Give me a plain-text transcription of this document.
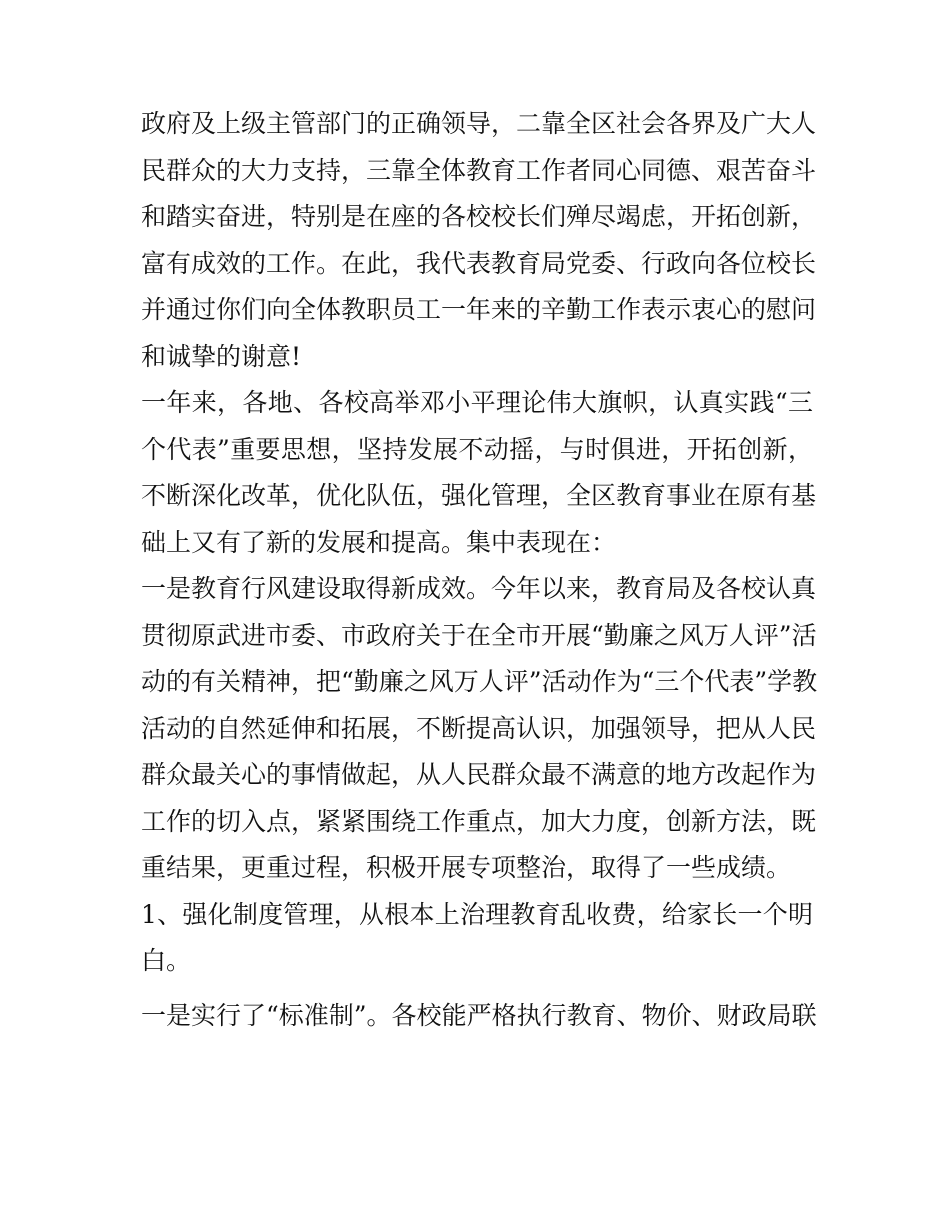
政府及上级主管部门的正确领导，二靠全区社会各界及广大人
民群众的大力支持，三靠全体教育工作者同心同德、艰苦奋斗
和踏实奋进，特别是在座的各校校长们殚尽竭虑，开拓创新，
富有成效的工作。在此，我代表教育局党委、行政向各位校长
并通过你们向全体教职员工一年来的辛勤工作表示衷心的慰问
和诚挚的谢意!
一年来，各地、各校高举邓小平理论伟大旗帜，认真实践“三
个代表”重要思想，坚持发展不动摇，与时俱进，开拓创新，
不断深化改革，优化队伍，强化管理，全区教育事业在原有基
础上又有了新的发展和提高。集中表现在：
一是教育行风建设取得新成效。今年以来，教育局及各校认真
贯彻原武进市委、市政府关于在全市开展“勤廉之风万人评”活
动的有关精神，把“勤廉之风万人评”活动作为“三个代表”学教
活动的自然延伸和拓展，不断提高认识，加强领导，把从人民
群众最关心的事情做起，从人民群众最不满意的地方改起作为
工作的切入点，紧紧围绕工作重点，加大力度，创新方法，既
重结果，更重过程，积极开展专项整治，取得了一些成绩。
1、强化制度管理，从根本上治理教育乱收费，给家长一个明
白。
一是实行了“标准制”。各校能严格执行教育、物价、财政局联
